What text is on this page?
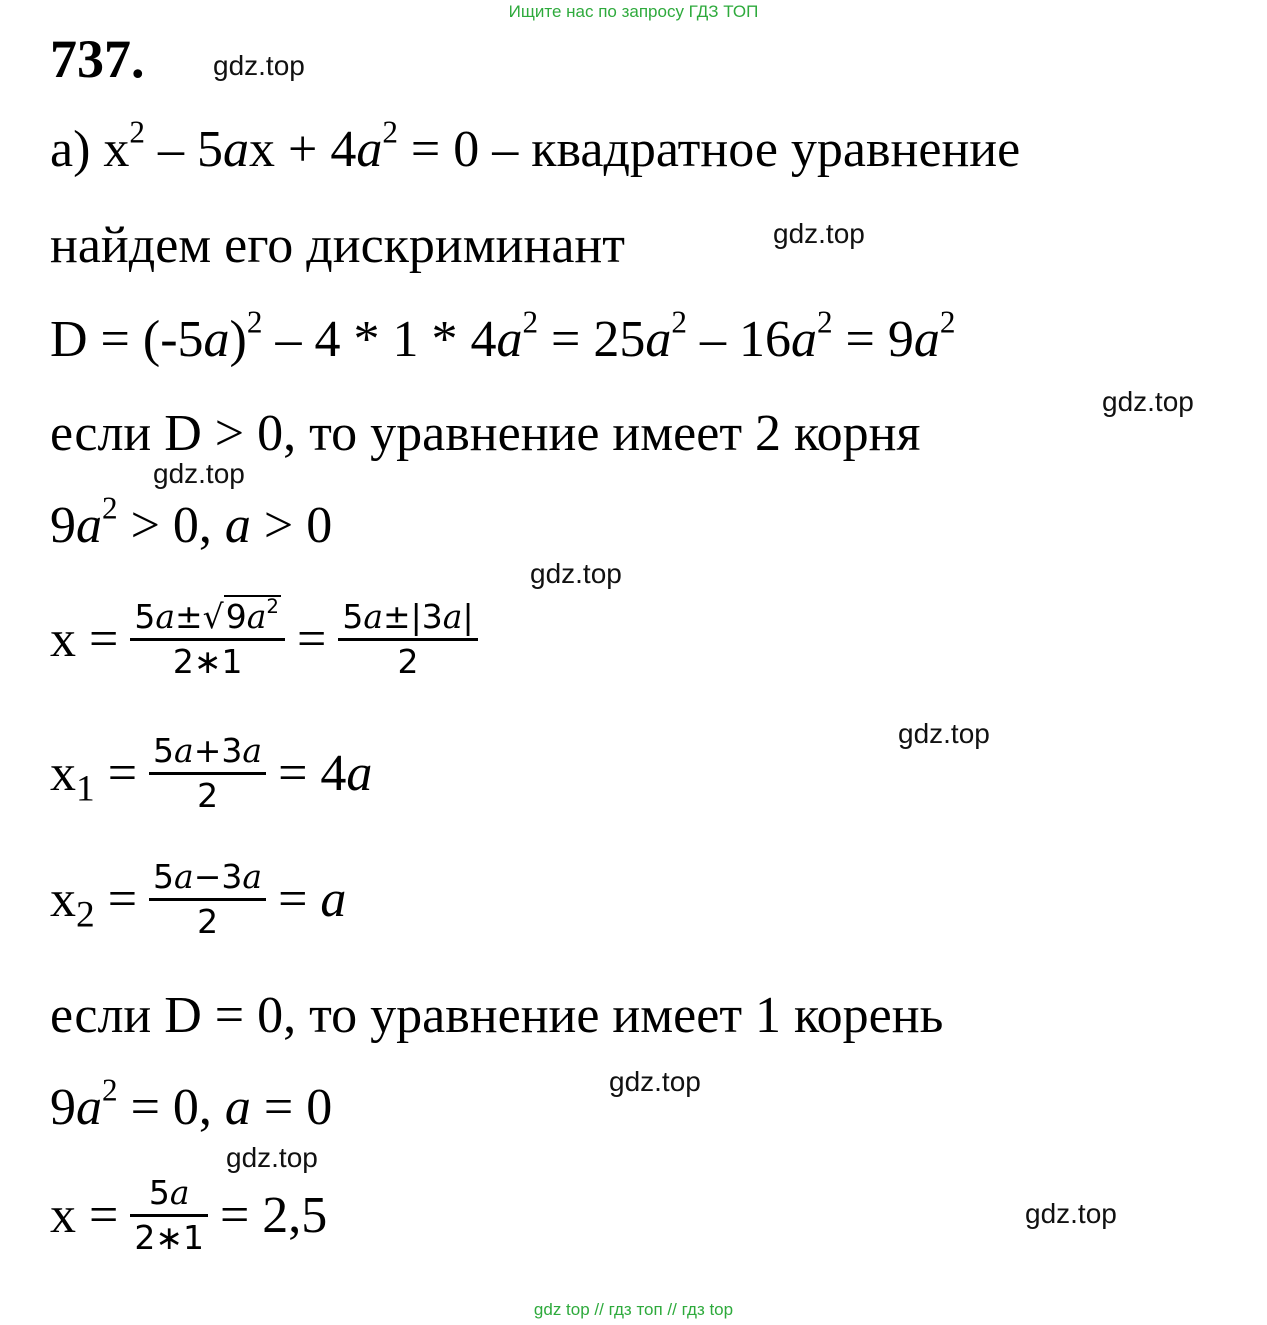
Ищите нас по запросу ГДЗ ТОП
737. gdz.top
gdz.top
gdz.top
gdz.top
gdz.top
gdz.top
gdz.top
gdz.top
gdz.top
а) $x^2 - 5ax + 4a^2 = 0$ – квадратное уравнение
найдем его дискриминант
$D = (-5a)^2 - 4 * 1 * 4a^2 = 25a^2 - 16a^2 = 9a^2$
если D > 0, то уравнение имеет 2 корня
$9a^2 > 0$, a > 0
$x = \frac{5a\pm√9a^2}{2∗1} = \frac{5a\pm|3a|}{2}$
$x_1 = \frac{5a+3a}{2} = 4a$
$x_2 = \frac{5a-3a}{2} = a$
если D = 0, то уравнение имеет 1 корень
$9a^2 = 0$, a = 0
$x = \frac{5a}{2∗1} = 2,5$
gdz top // гдз топ // гдз top
